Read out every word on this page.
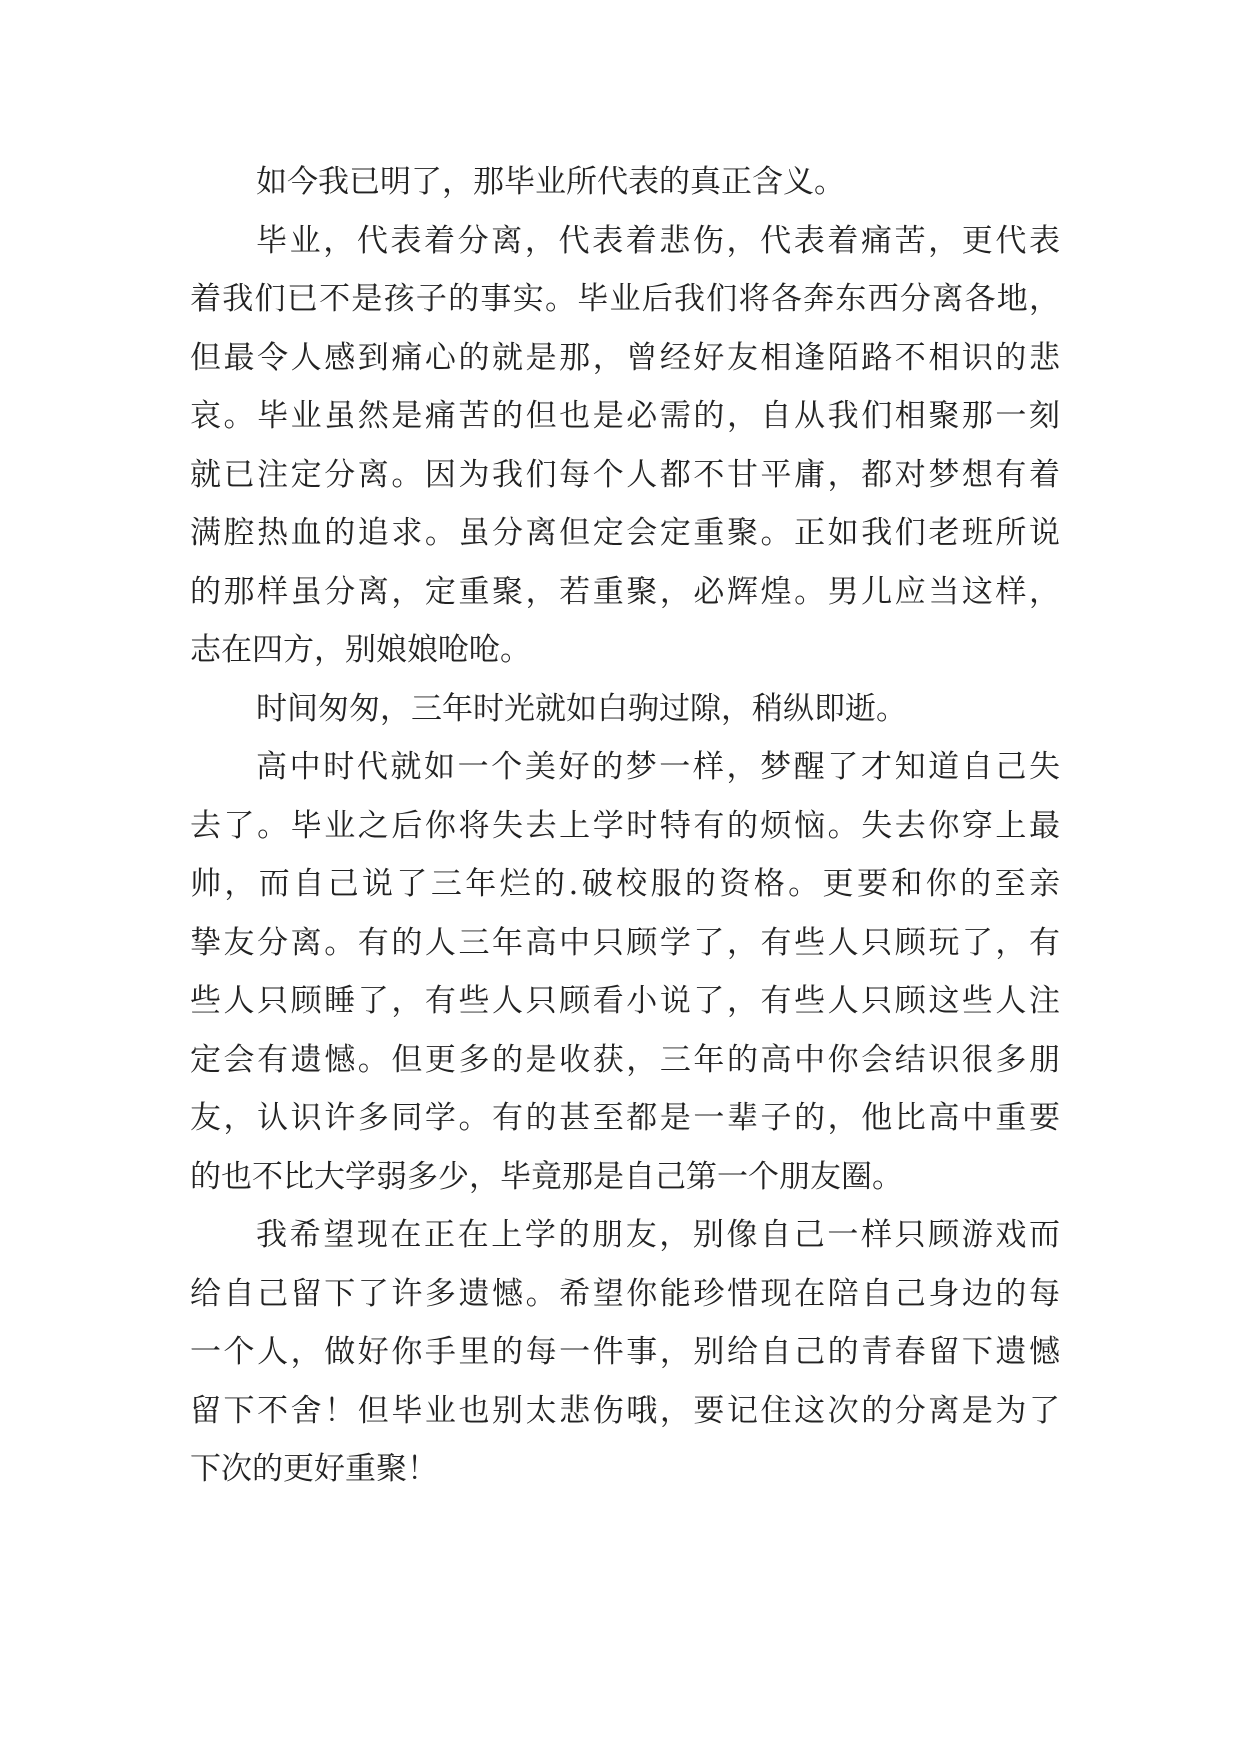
如今我已明了，那毕业所代表的真正含义。
毕业，代表着分离，代表着悲伤，代表着痛苦，更代表
着我们已不是孩子的事实。毕业后我们将各奔东西分离各地，
但最令人感到痛心的就是那，曾经好友相逢陌路不相识的悲
哀。毕业虽然是痛苦的但也是必需的，自从我们相聚那一刻
就已注定分离。因为我们每个人都不甘平庸，都对梦想有着
满腔热血的追求。虽分离但定会定重聚。正如我们老班所说
的那样虽分离，定重聚，若重聚，必辉煌。男儿应当这样，
志在四方，别娘娘呛呛。
时间匆匆，三年时光就如白驹过隙，稍纵即逝。
高中时代就如一个美好的梦一样，梦醒了才知道自己失
去了。毕业之后你将失去上学时特有的烦恼。失去你穿上最
帅，而自己说了三年烂的.破校服的资格。更要和你的至亲
挚友分离。有的人三年高中只顾学了，有些人只顾玩了，有
些人只顾睡了，有些人只顾看小说了，有些人只顾这些人注
定会有遗憾。但更多的是收获，三年的高中你会结识很多朋
友，认识许多同学。有的甚至都是一辈子的，他比高中重要
的也不比大学弱多少，毕竟那是自己第一个朋友圈。
我希望现在正在上学的朋友，别像自己一样只顾游戏而
给自己留下了许多遗憾。希望你能珍惜现在陪自己身边的每
一个人，做好你手里的每一件事，别给自己的青春留下遗憾
留下不舍！但毕业也别太悲伤哦，要记住这次的分离是为了
下次的更好重聚！
